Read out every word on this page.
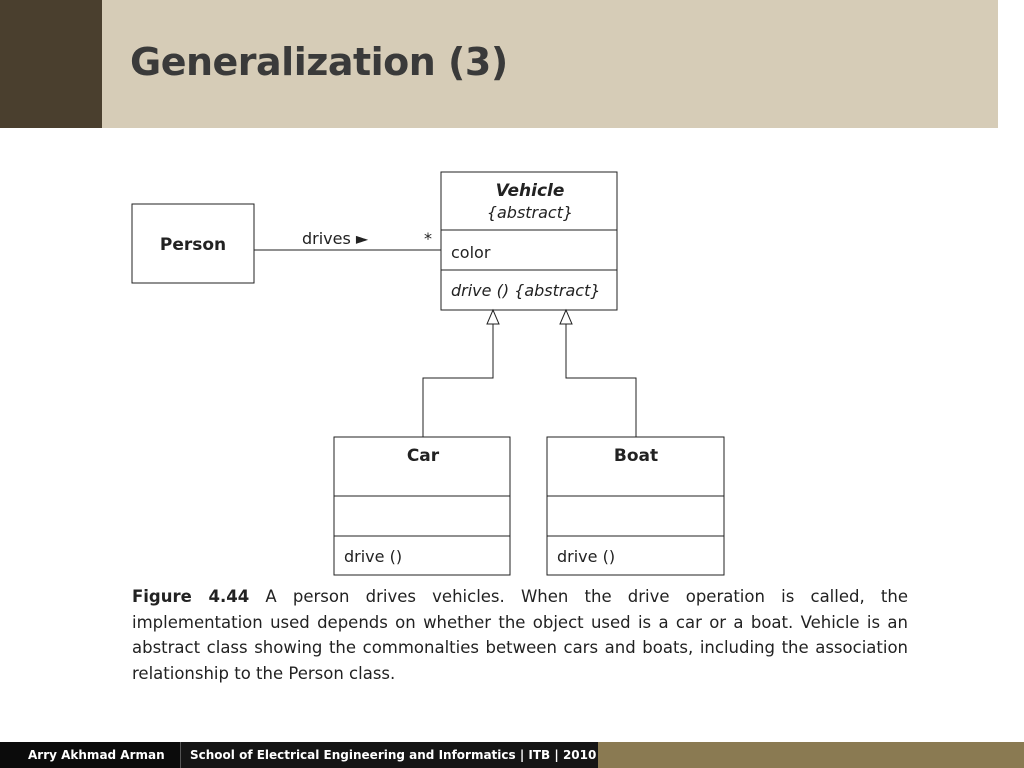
Generalization (3)
Person	drives ►	*
Vehicle
{abstract}
color
drive () {abstract}
Car
drive ()
Boat
drive ()
Figure 4.44 A person drives vehicles. When the drive operation is called, the implementation used depends on whether the object used is a car or a boat. Vehicle is an abstract class showing the commonalties between cars and boats, including the association relationship to the Person class.
Arry Akhmad Arman School of Electrical Engineering and Informatics | ITB | 2010
